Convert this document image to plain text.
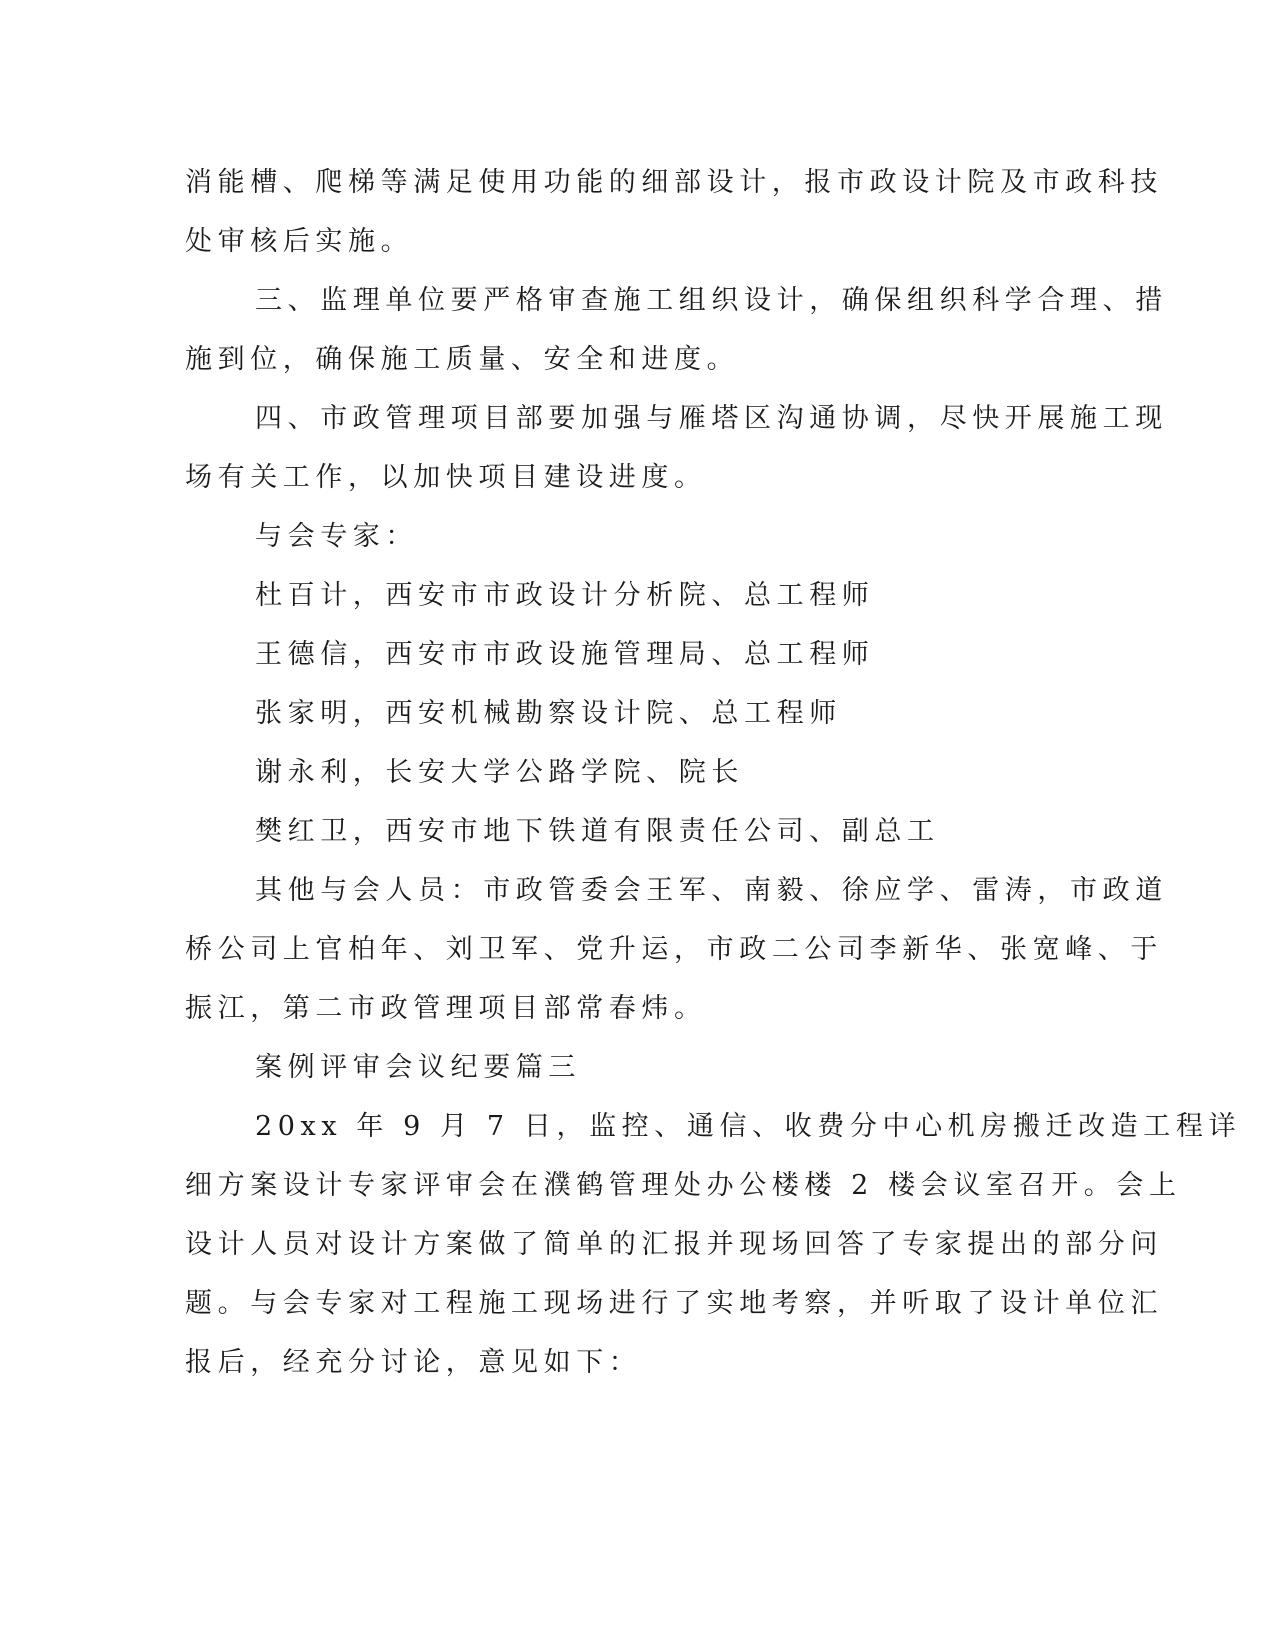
消能槽、爬梯等满足使用功能的细部设计，报市政设计院及市政科技
处审核后实施。
三、监理单位要严格审查施工组织设计，确保组织科学合理、措
施到位，确保施工质量、安全和进度。
四、市政管理项目部要加强与雁塔区沟通协调，尽快开展施工现
场有关工作，以加快项目建设进度。
与会专家：
杜百计，西安市市政设计分析院、总工程师
王德信，西安市市政设施管理局、总工程师
张家明，西安机械勘察设计院、总工程师
谢永利，长安大学公路学院、院长
樊红卫，西安市地下铁道有限责任公司、副总工
其他与会人员：市政管委会王军、南毅、徐应学、雷涛，市政道
桥公司上官柏年、刘卫军、党升运，市政二公司李新华、张宽峰、于
振江，第二市政管理项目部常春炜。
案例评审会议纪要篇三
20xx 年 9 月 7 日，监控、通信、收费分中心机房搬迁改造工程详
细方案设计专家评审会在濮鹤管理处办公楼楼 2 楼会议室召开。会上
设计人员对设计方案做了简单的汇报并现场回答了专家提出的部分问
题。与会专家对工程施工现场进行了实地考察，并听取了设计单位汇
报后，经充分讨论，意见如下：
